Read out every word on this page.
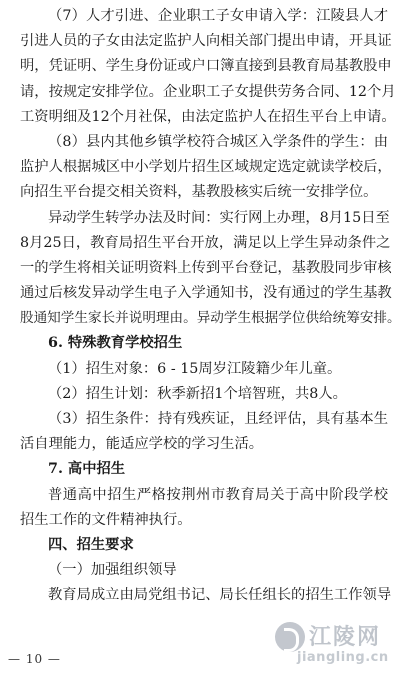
（7）人才引进、企业职工子女申请入学：江陵县人才
引进人员的子女由法定监护人向相关部门提出申请，开具证
明，凭证明、学生身份证或户口簿直接到县教育局基教股申
请，按规定安排学位。企业职工子女提供劳务合同、12个月
工资明细及12个月社保，由法定监护人在招生平台上申请。
（8）县内其他乡镇学校符合城区入学条件的学生：由
监护人根据城区中小学划片招生区域规定选定就读学校后，
向招生平台提交相关资料，基教股核实后统一安排学位。
异动学生转学办法及时间：实行网上办理，8月15日至
8月25日，教育局招生平台开放，满足以上学生异动条件之
一的学生将相关证明资料上传到平台登记，基教股同步审核
通过后核发异动学生电子入学通知书，没有通过的学生基教
股通知学生家长并说明理由。异动学生根据学位供给统筹安排。
6. 特殊教育学校招生
（1）招生对象：6 - 15周岁江陵籍少年儿童。
（2）招生计划：秋季新招1个培智班，共8人。
（3）招生条件：持有残疾证，且经评估，具有基本生
活自理能力，能适应学校的学习生活。
7. 高中招生
普通高中招生严格按荆州市教育局关于高中阶段学校
招生工作的文件精神执行。
四、招生要求
（一）加强组织领导
教育局成立由局党组书记、局长任组长的招生工作领导
— 10 —
江陵网
jiangling.cn
